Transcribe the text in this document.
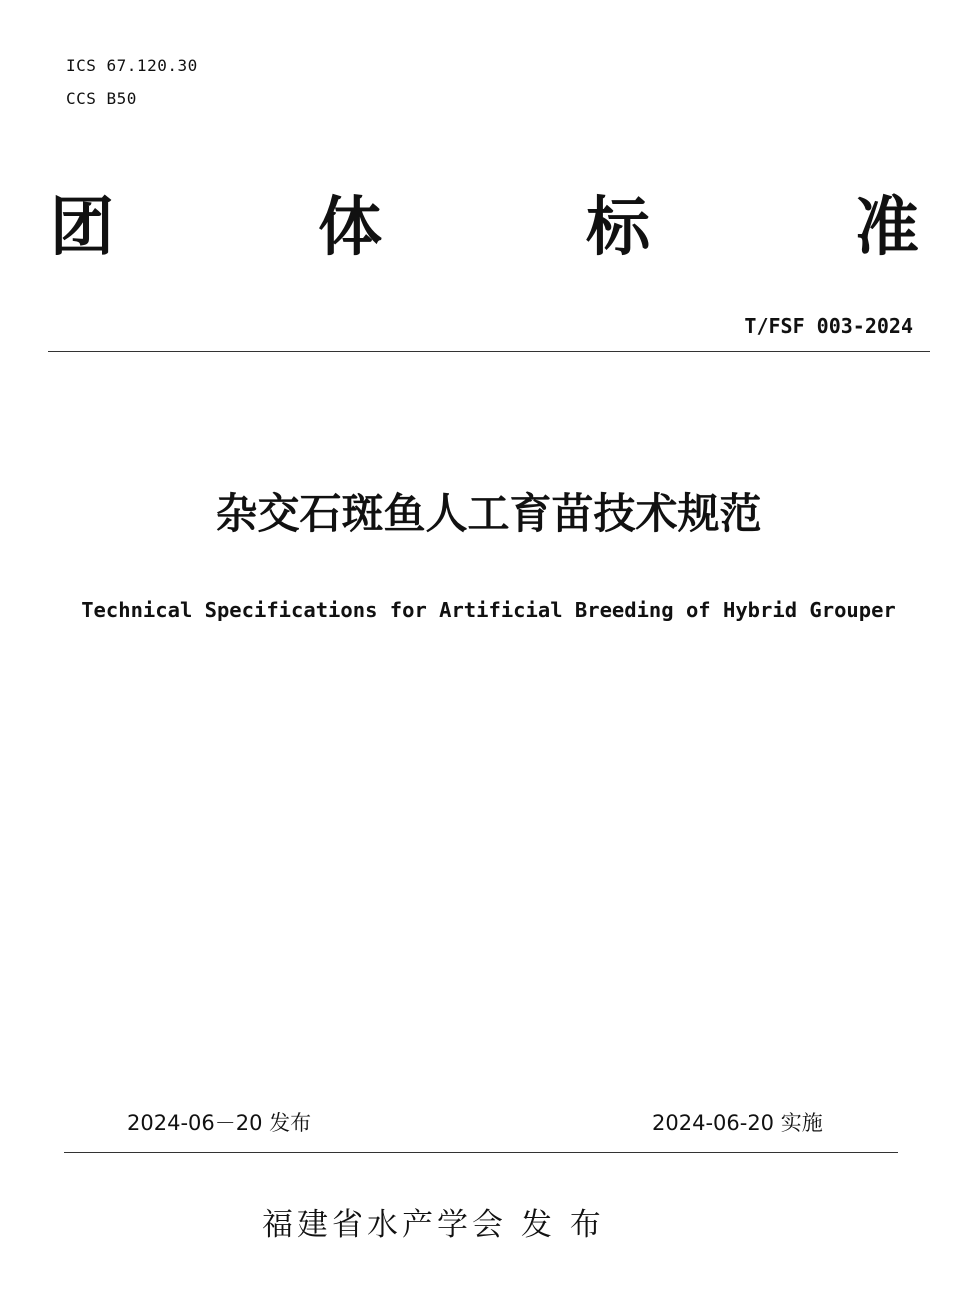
ICS 67.120.30
CCS B50
团	体	标	准
T/FSF 003-2024
杂交石斑鱼人工育苗技术规范
Technical Specifications for Artificial Breeding of Hybrid Grouper
2024-06－20 发布	2024-06-20 实施
福建省水产学会 发 布
